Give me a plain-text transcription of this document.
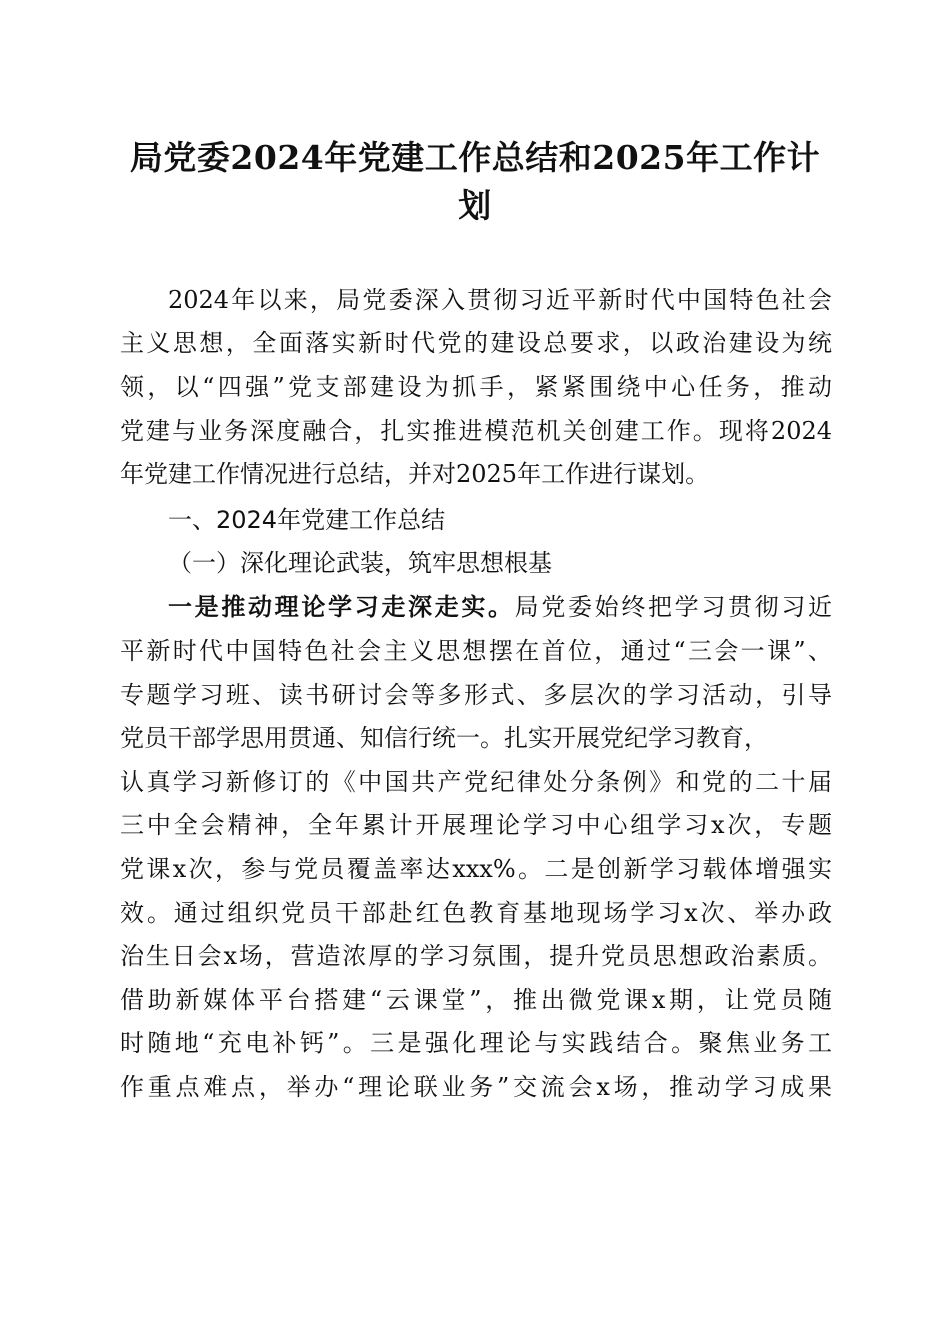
局党委2024年党建工作总结和2025年工作计
划
2024年以来，局党委深入贯彻习近平新时代中国特色社会
主义思想，全面落实新时代党的建设总要求，以政治建设为统
领，以“四强”党支部建设为抓手，紧紧围绕中心任务，推动
党建与业务深度融合，扎实推进模范机关创建工作。现将2024
年党建工作情况进行总结，并对2025年工作进行谋划。
一、2024年党建工作总结
（一）深化理论武装，筑牢思想根基
一是推动理论学习走深走实。局党委始终把学习贯彻习近
平新时代中国特色社会主义思想摆在首位，通过“三会一课”、
专题学习班、读书研讨会等多形式、多层次的学习活动，引导
党员干部学思用贯通、知信行统一。扎实开展党纪学习教育，
认真学习新修订的《中国共产党纪律处分条例》和党的二十届
三中全会精神，全年累计开展理论学习中心组学习x次，专题
党课x次，参与党员覆盖率达xxx%。二是创新学习载体增强实
效。通过组织党员干部赴红色教育基地现场学习x次、举办政
治生日会x场，营造浓厚的学习氛围，提升党员思想政治素质。
借助新媒体平台搭建“云课堂”，推出微党课x期，让党员随
时随地“充电补钙”。三是强化理论与实践结合。聚焦业务工
作重点难点，举办“理论联业务”交流会x场，推动学习成果
